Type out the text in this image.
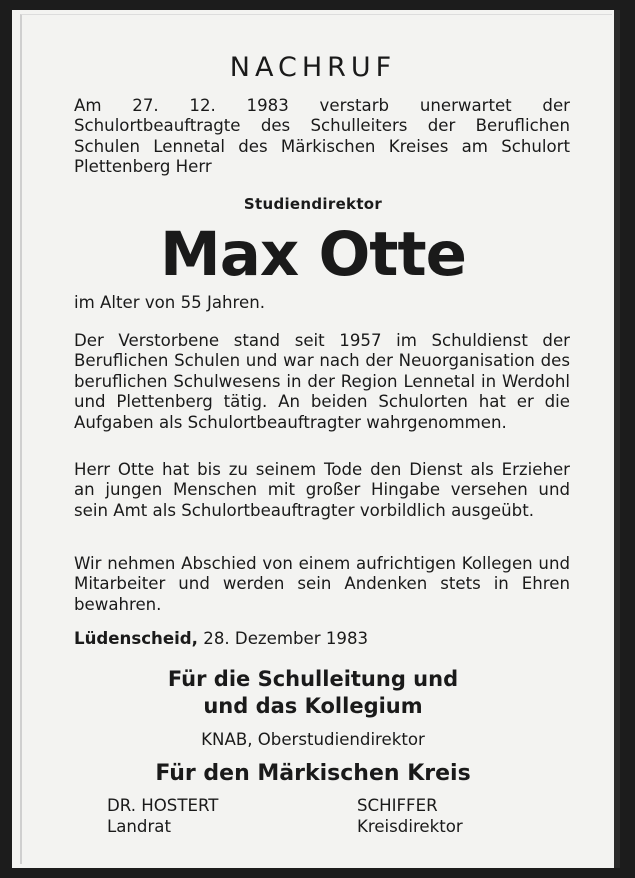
NACHRUF
Am 27. 12. 1983 verstarb unerwartet der Schulortbeauftragte des Schulleiters der Beruflichen Schulen Lennetal des Märkischen Kreises am Schulort Plettenberg Herr
Studiendirektor
Max Otte
im Alter von 55 Jahren.
Der Verstorbene stand seit 1957 im Schuldienst der Beruflichen Schulen und war nach der Neuorganisation des beruflichen Schulwesens in der Region Lennetal in Werdohl und Plettenberg tätig. An beiden Schulorten hat er die Aufgaben als Schulortbeauftragter wahrgenommen.
Herr Otte hat bis zu seinem Tode den Dienst als Erzieher an jungen Menschen mit großer Hingabe versehen und sein Amt als Schulortbeauftragter vorbildlich ausgeübt.
Wir nehmen Abschied von einem aufrichtigen Kollegen und Mitarbeiter und werden sein Andenken stets in Ehren bewahren.
Lüdenscheid, 28. Dezember 1983
Für die Schulleitung und
und das Kollegium
KNAB, Oberstudiendirektor
Für den Märkischen Kreis
DR. HOSTERT
Landrat
SCHIFFER
Kreisdirektor
